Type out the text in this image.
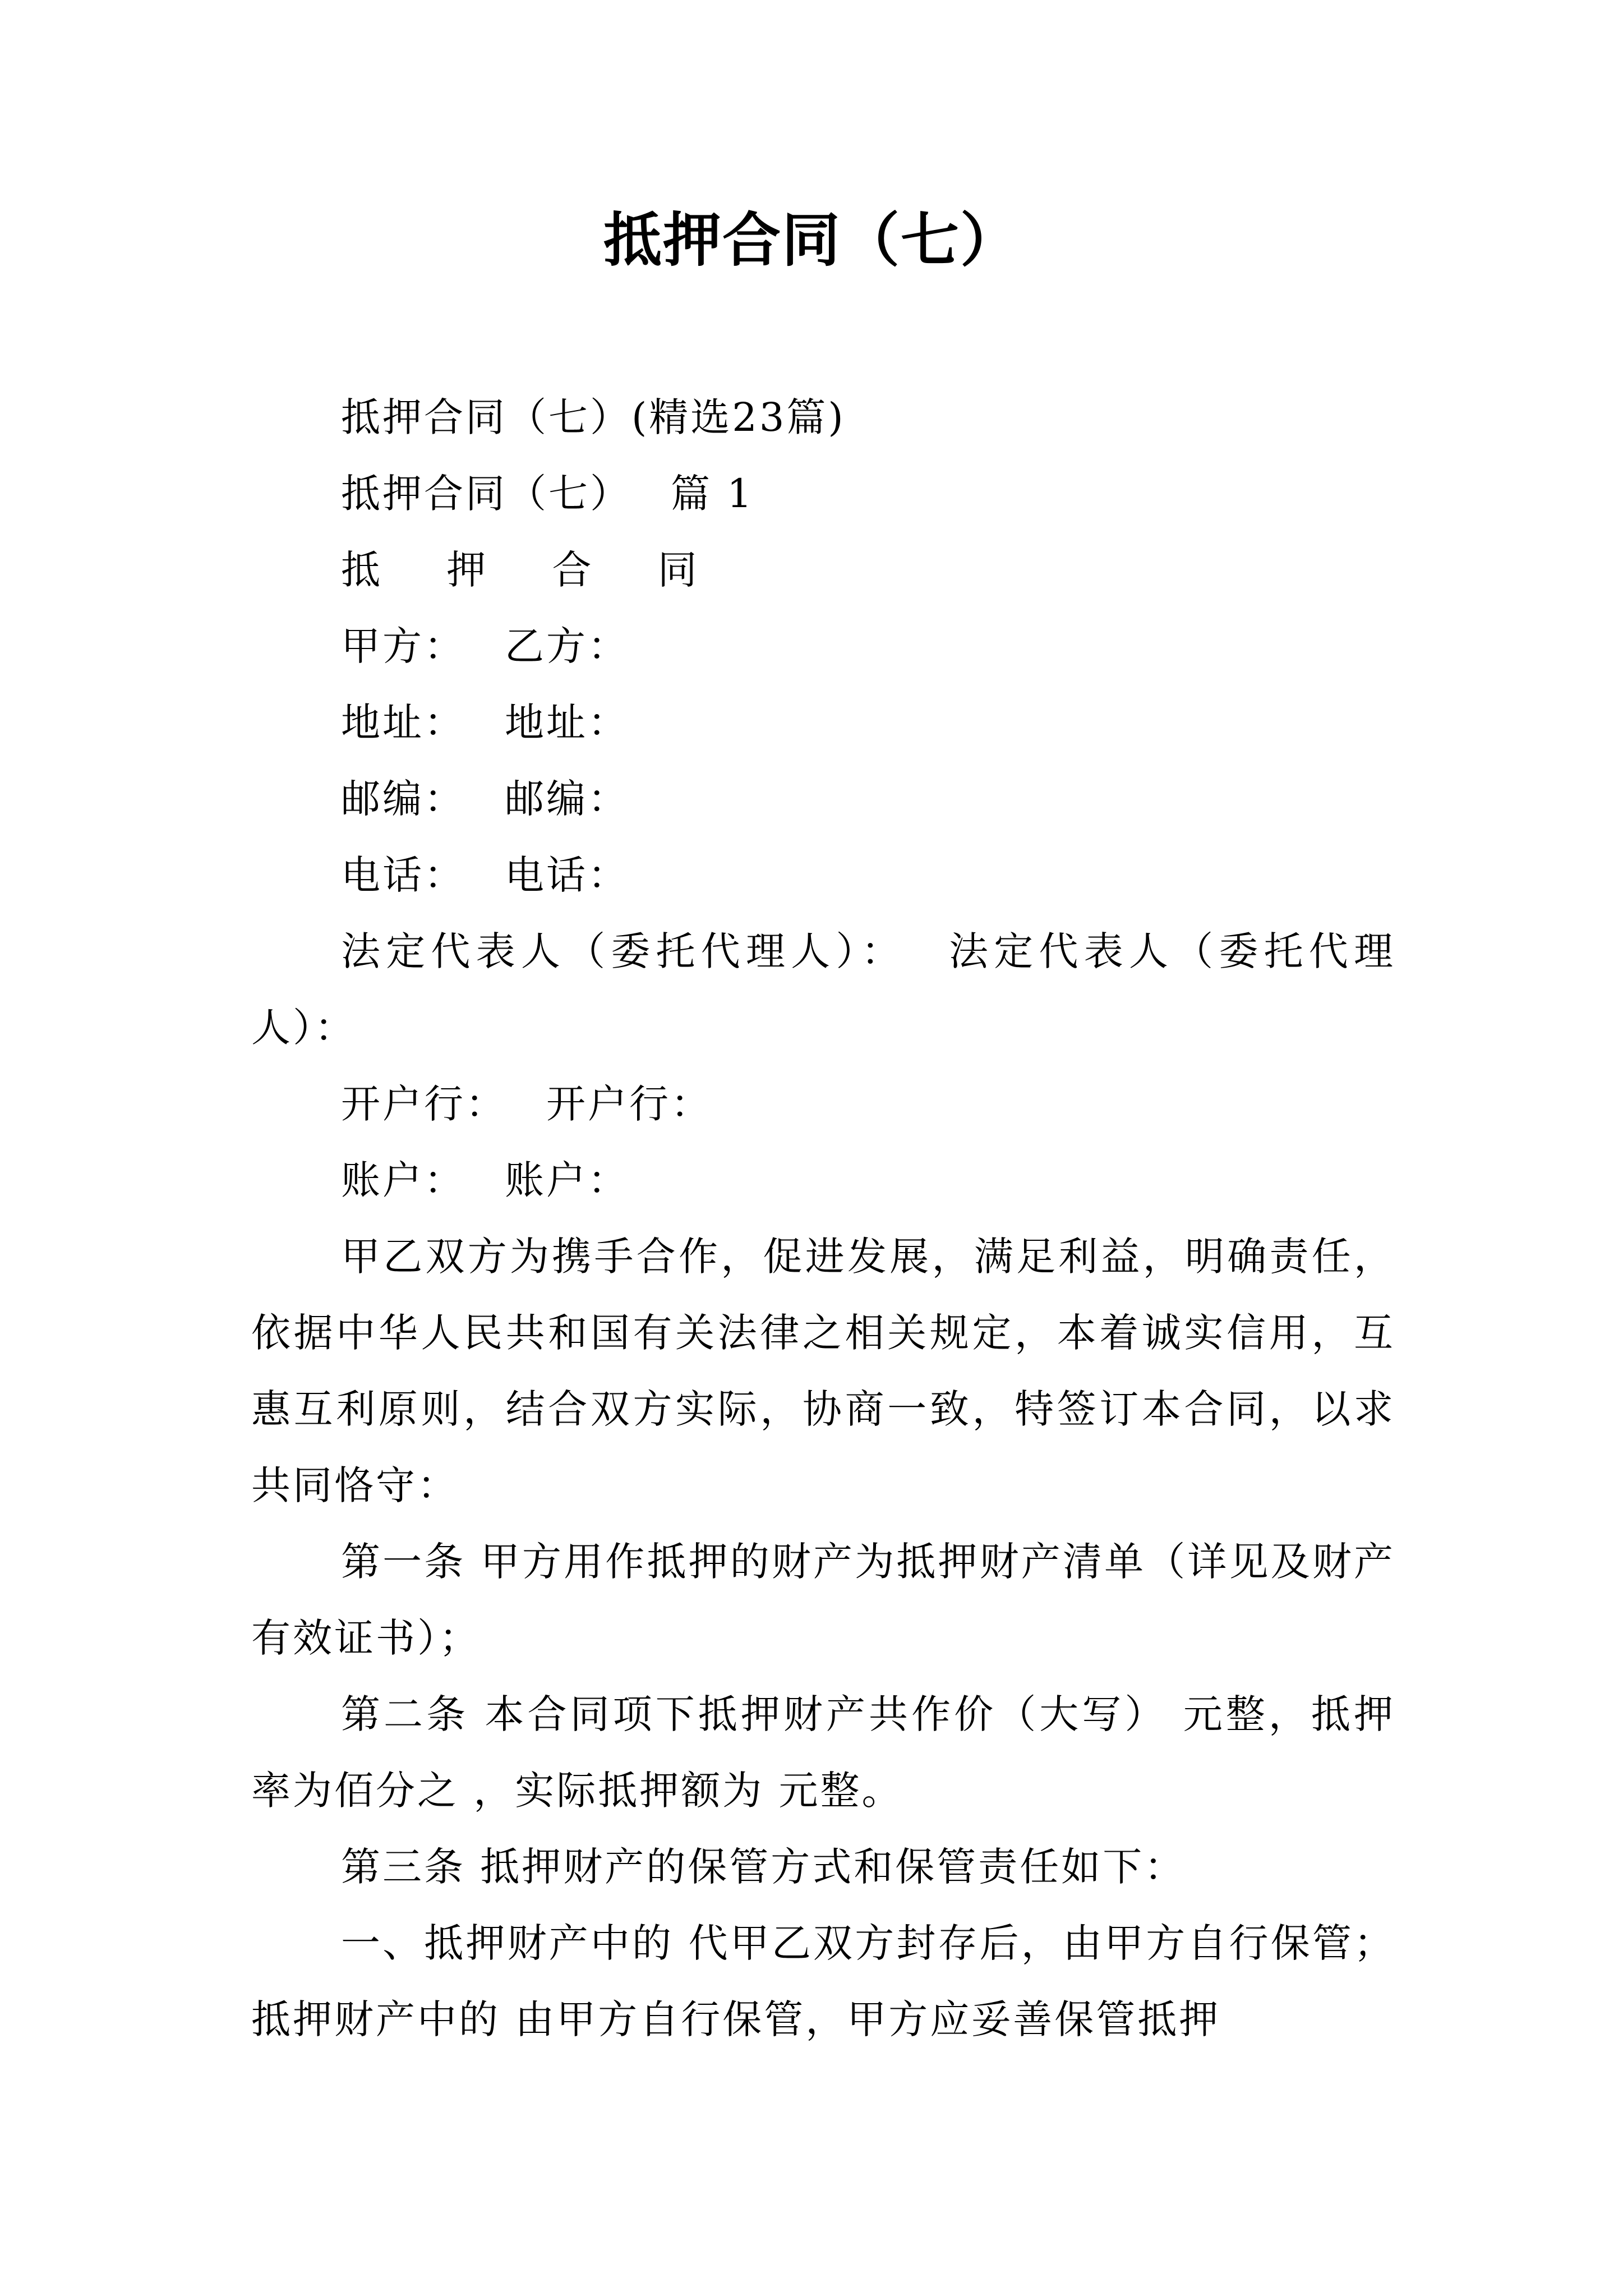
抵押合同（七）

抵押合同（七）(精选23篇)

抵押合同（七） 篇 1

抵 押 合 同

甲方： 乙方：

地址： 地址：

邮编： 邮编：

电话： 电话：

法定代表人（委托代理人）： 法定代表人（委托代理人）：

开户行： 开户行：

账户： 账户：

甲乙双方为携手合作，促进发展，满足利益，明确责任，依据中华人民共和国有关法律之相关规定，本着诚实信用，互惠互利原则，结合双方实际，协商一致，特签订本合同，以求共同恪守：

第一条 甲方用作抵押的财产为抵押财产清单（详见及财产有效证书）；

第二条 本合同项下抵押财产共作价（大写） 元整，抵押率为佰分之 ，实际抵押额为 元整。

第三条 抵押财产的保管方式和保管责任如下：

一、抵押财产中的 代甲乙双方封存后，由甲方自行保管；抵押财产中的 由甲方自行保管，甲方应妥善保管抵押
